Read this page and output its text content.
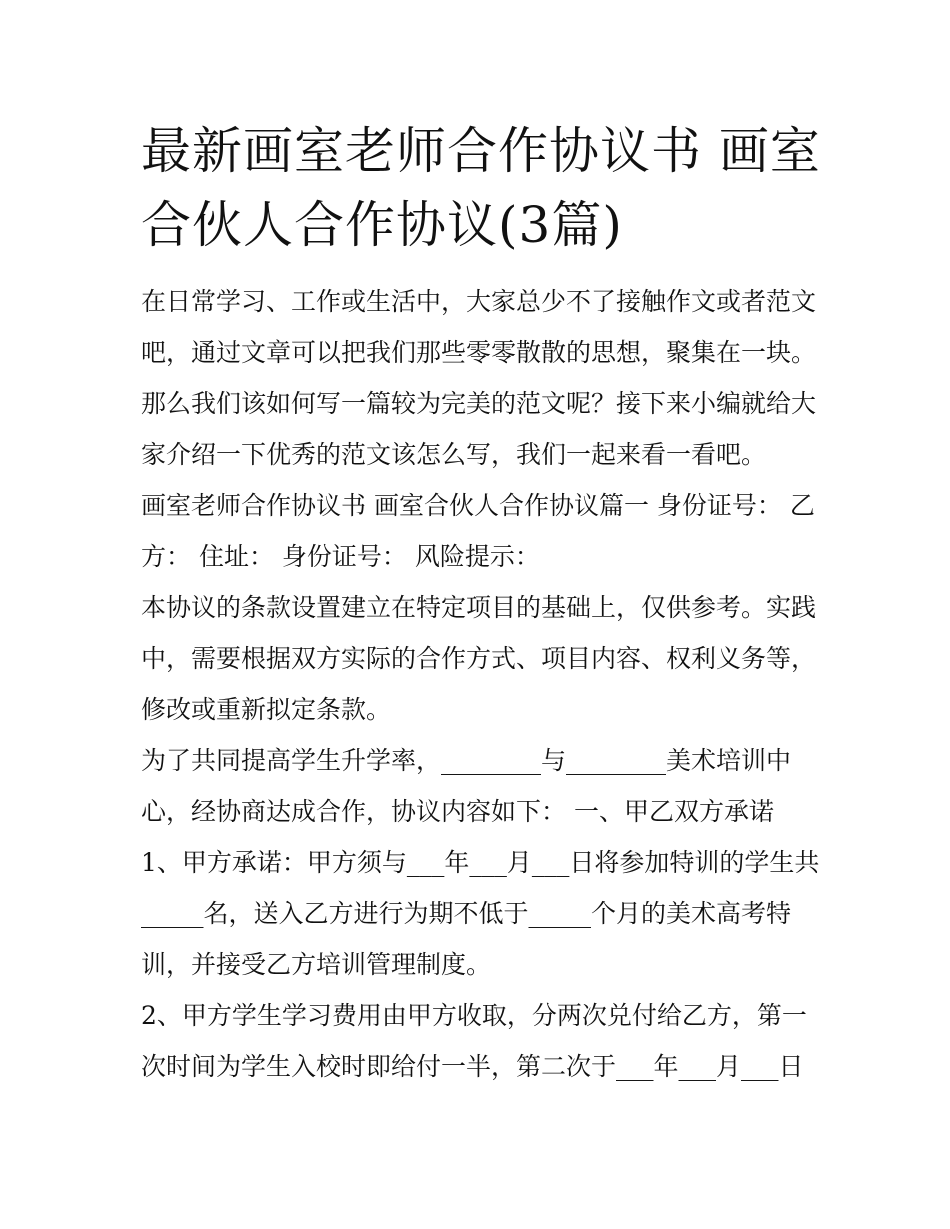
最新画室老师合作协议书 画室合伙人合作协议(3篇)

在日常学习、工作或生活中，大家总少不了接触作文或者范文吧，通过文章可以把我们那些零零散散的思想，聚集在一块。那么我们该如何写一篇较为完美的范文呢？接下来小编就给大家介绍一下优秀的范文该怎么写，我们一起来看一看吧。

画室老师合作协议书 画室合伙人合作协议篇一 身份证号： 乙方： 住址： 身份证号： 风险提示：

本协议的条款设置建立在特定项目的基础上，仅供参考。实践中，需要根据双方实际的合作方式、项目内容、权利义务等，修改或重新拟定条款。

为了共同提高学生升学率，________与________美术培训中
心，经协商达成合作，协议内容如下： 一、甲乙双方承诺
1、甲方承诺：甲方须与___年___月___日将参加特训的学生共
_____名，送入乙方进行为期不低于_____个月的美术高考特
训，并接受乙方培训管理制度。
2、甲方学生学习费用由甲方收取，分两次兑付给乙方，第一
次时间为学生入校时即给付一半，第二次于___年___月___日
